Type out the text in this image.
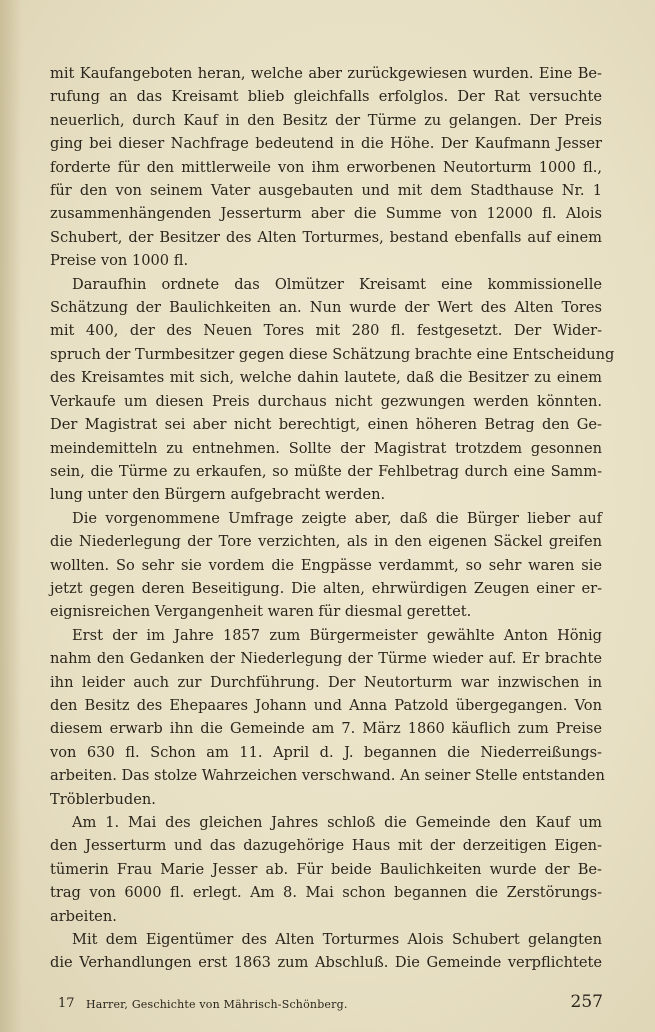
mit Kaufangeboten heran, welche aber zurückgewiesen wurden. Eine Be-
rufung an das Kreisamt blieb gleichfalls erfolglos. Der Rat versuchte
neuerlich, durch Kauf in den Besitz der Türme zu gelangen. Der Preis
ging bei dieser Nachfrage bedeutend in die Höhe. Der Kaufmann Jesser
forderte für den mittlerweile von ihm erworbenen Neutorturm 1000 fl.,
für den von seinem Vater ausgebauten und mit dem Stadthause Nr. 1
zusammenhängenden Jesserturm aber die Summe von 12000 fl. Alois
Schubert, der Besitzer des Alten Torturmes, bestand ebenfalls auf einem
Preise von 1000 fl.

Daraufhin ordnete das Olmützer Kreisamt eine kommissionelle
Schätzung der Baulichkeiten an. Nun wurde der Wert des Alten Tores
mit 400, der des Neuen Tores mit 280 fl. festgesetzt. Der Wider-
spruch der Turmbesitzer gegen diese Schätzung brachte eine Entscheidung
des Kreisamtes mit sich, welche dahin lautete, daß die Besitzer zu einem
Verkaufe um diesen Preis durchaus nicht gezwungen werden könnten.
Der Magistrat sei aber nicht berechtigt, einen höheren Betrag den Ge-
meindemitteln zu entnehmen. Sollte der Magistrat trotzdem gesonnen
sein, die Türme zu erkaufen, so müßte der Fehlbetrag durch eine Samm-
lung unter den Bürgern aufgebracht werden.

Die vorgenommene Umfrage zeigte aber, daß die Bürger lieber auf
die Niederlegung der Tore verzichten, als in den eigenen Säckel greifen
wollten. So sehr sie vordem die Engpässe verdammt, so sehr waren sie
jetzt gegen deren Beseitigung. Die alten, ehrwürdigen Zeugen einer er-
eignisreichen Vergangenheit waren für diesmal gerettet.

Erst der im Jahre 1857 zum Bürgermeister gewählte Anton Hönig
nahm den Gedanken der Niederlegung der Türme wieder auf. Er brachte
ihn leider auch zur Durchführung. Der Neutorturm war inzwischen in
den Besitz des Ehepaares Johann und Anna Patzold übergegangen. Von
diesem erwarb ihn die Gemeinde am 7. März 1860 käuflich zum Preise
von 630 fl. Schon am 11. April d. J. begannen die Niederreißungs-
arbeiten. Das stolze Wahrzeichen verschwand. An seiner Stelle entstanden
Tröblerbuden.

Am 1. Mai des gleichen Jahres schloß die Gemeinde den Kauf um
den Jesserturm und das dazugehörige Haus mit der derzeitigen Eigen-
tümerin Frau Marie Jesser ab. Für beide Baulichkeiten wurde der Be-
trag von 6000 fl. erlegt. Am 8. Mai schon begannen die Zerstörungs-
arbeiten.

Mit dem Eigentümer des Alten Torturmes Alois Schubert gelangten
die Verhandlungen erst 1863 zum Abschluß. Die Gemeinde verpflichtete

17 Harrer, Geschichte von Mährisch-Schönberg.	257
